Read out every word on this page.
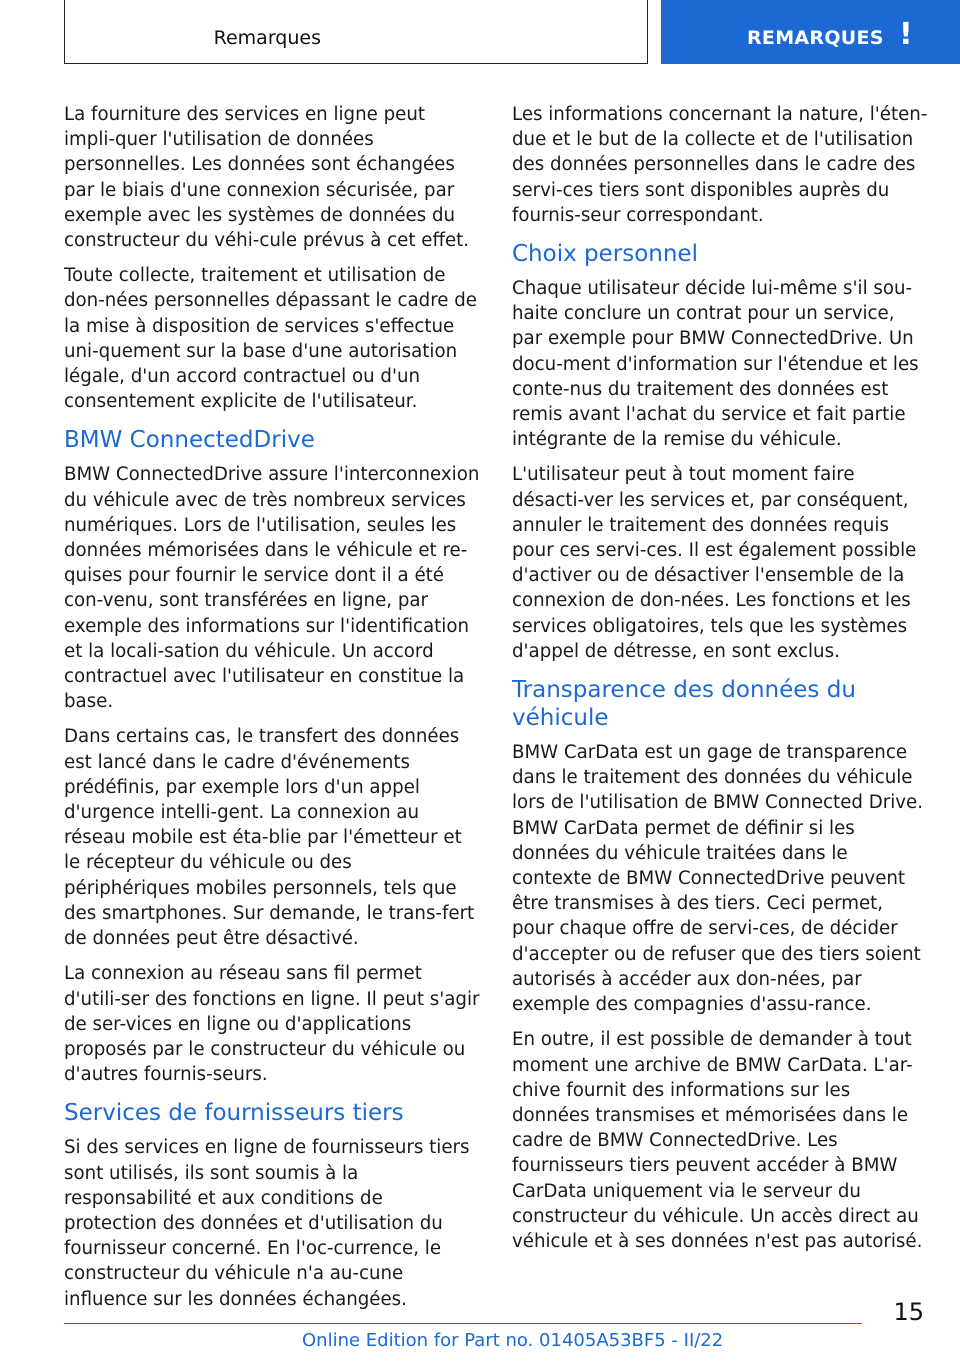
Remarques	REMARQUES !

La fourniture des services en ligne peut impli-quer l'utilisation de données personnelles. Les données sont échangées par le biais d'une connexion sécurisée, par exemple avec les systèmes de données du constructeur du véhi-cule prévus à cet effet.

Toute collecte, traitement et utilisation de don-nées personnelles dépassant le cadre de la mise à disposition de services s'effectue uni-quement sur la base d'une autorisation légale, d'un accord contractuel ou d'un consentement explicite de l'utilisateur.

BMW ConnectedDrive

BMW ConnectedDrive assure l'interconnexion du véhicule avec de très nombreux services numériques. Lors de l'utilisation, seules les données mémorisées dans le véhicule et re-quises pour fournir le service dont il a été con-venu, sont transférées en ligne, par exemple des informations sur l'identification et la locali-sation du véhicule. Un accord contractuel avec l'utilisateur en constitue la base.

Dans certains cas, le transfert des données est lancé dans le cadre d'événements prédéfinis, par exemple lors d'un appel d'urgence intelli-gent. La connexion au réseau mobile est éta-blie par l'émetteur et le récepteur du véhicule ou des périphériques mobiles personnels, tels que des smartphones. Sur demande, le trans-fert de données peut être désactivé.

La connexion au réseau sans fil permet d'utili-ser des fonctions en ligne. Il peut s'agir de ser-vices en ligne ou d'applications proposés par le constructeur du véhicule ou d'autres fournis-seurs.

Services de fournisseurs tiers

Si des services en ligne de fournisseurs tiers sont utilisés, ils sont soumis à la responsabilité et aux conditions de protection des données et d'utilisation du fournisseur concerné. En l'oc-currence, le constructeur du véhicule n'a au-cune influence sur les données échangées.

Les informations concernant la nature, l'éten-due et le but de la collecte et de l'utilisation des données personnelles dans le cadre des servi-ces tiers sont disponibles auprès du fournis-seur correspondant.

Choix personnel

Chaque utilisateur décide lui-même s'il sou-haite conclure un contrat pour un service, par exemple pour BMW ConnectedDrive. Un docu-ment d'information sur l'étendue et les conte-nus du traitement des données est remis avant l'achat du service et fait partie intégrante de la remise du véhicule.

L'utilisateur peut à tout moment faire désacti-ver les services et, par conséquent, annuler le traitement des données requis pour ces servi-ces. Il est également possible d'activer ou de désactiver l'ensemble de la connexion de don-nées. Les fonctions et les services obligatoires, tels que les systèmes d'appel de détresse, en sont exclus.

Transparence des données du véhicule

BMW CarData est un gage de transparence dans le traitement des données du véhicule lors de l'utilisation de BMW Connected Drive. BMW CarData permet de définir si les données du véhicule traitées dans le contexte de BMW ConnectedDrive peuvent être transmises à des tiers. Ceci permet, pour chaque offre de servi-ces, de décider d'accepter ou de refuser que des tiers soient autorisés à accéder aux don-nées, par exemple des compagnies d'assu-rance.

En outre, il est possible de demander à tout moment une archive de BMW CarData. L'ar-chive fournit des informations sur les données transmises et mémorisées dans le cadre de BMW ConnectedDrive. Les fournisseurs tiers peuvent accéder à BMW CarData uniquement via le serveur du constructeur du véhicule. Un accès direct au véhicule et à ses données n'est pas autorisé.

15
Online Edition for Part no. 01405A53BF5 - II/22
